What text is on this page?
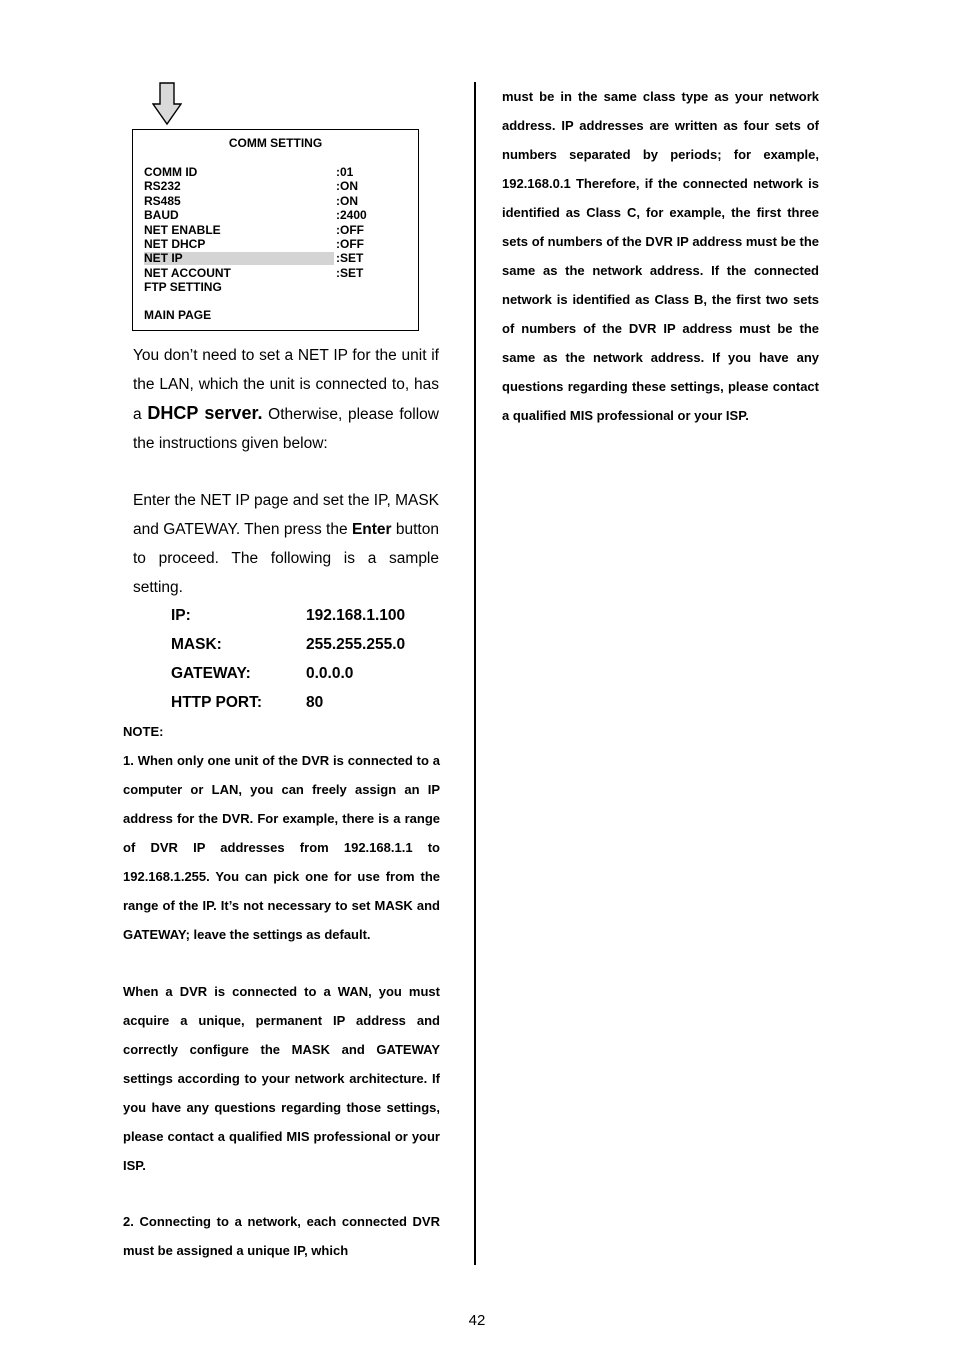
COMM SETTING
COMM ID	:01
RS232	:ON
RS485	:ON
BAUD	:2400
NET ENABLE	:OFF
NET DHCP	:OFF
NET IP	:SET
NET ACCOUNT	:SET
FTP SETTING
MAIN PAGE
You don’t need to set a NET IP for the unit if the LAN, which the unit is connected to, has a DHCP server. Otherwise, please follow the instructions given below:
Enter the NET IP page and set the IP, MASK and GATEWAY. Then press the Enter button to proceed. The following is a sample setting.
IP:	192.168.1.100
MASK:	255.255.255.0
GATEWAY:	0.0.0.0
HTTP PORT:	80
NOTE:
1. When only one unit of the DVR is connected to a computer or LAN, you can freely assign an IP address for the DVR. For example, there is a range of DVR IP addresses from 192.168.1.1 to 192.168.1.255. You can pick one for use from the range of the IP. It’s not necessary to set MASK and GATEWAY; leave the settings as default.
When a DVR is connected to a WAN, you must acquire a unique, permanent IP address and correctly configure the MASK and GATEWAY settings according to your network architecture. If you have any questions regarding those settings, please contact a qualified MIS professional or your ISP.
2. Connecting to a network, each connected DVR must be assigned a unique IP, which
must be in the same class type as your network address. IP addresses are written as four sets of numbers separated by periods; for example, 192.168.0.1 Therefore, if the connected network is identified as Class C, for example, the first three sets of numbers of the DVR IP address must be the same as the network address. If the connected network is identified as Class B, the first two sets of numbers of the DVR IP address must be the same as the network address. If you have any questions regarding these settings, please contact a qualified MIS professional or your ISP.
42
